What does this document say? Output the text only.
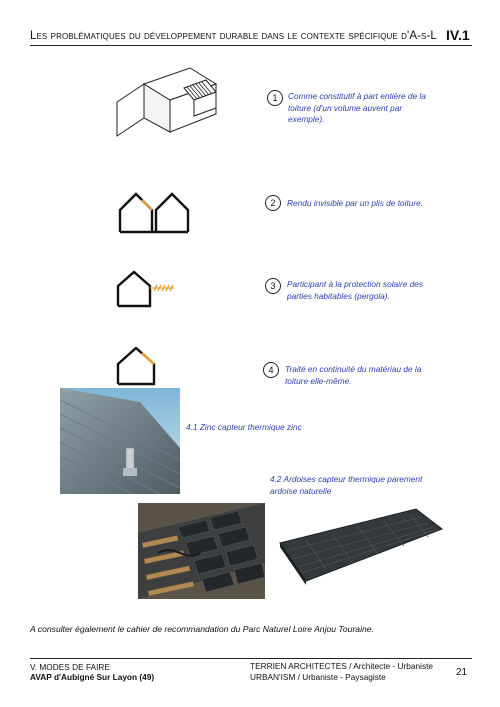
Les problématiques du développement durable dans le contexte spécifique d'A-s-L IV.1
1	Comme constitutif à part entière de la toiture (d'un volume auvent par exemple).
2	Rendu invisible par un plis de toiture.
3	Participant à la protection solaire des parties habitables (pergola).
4	Traité en continuité du matériau de la toiture elle-même.
4.1 Zinc capteur thermique zinc
4.2 Ardoises capteur thermique parement ardoise naturelle
A consulter également le cahier de recommandation du Parc Naturel Loire Anjou Touraine.
V. MODES DE FAIRE
AVAP d'Aubigné Sur Layon (49)
TERRIEN ARCHITECTES / Architecte - Urbaniste
URBAN'ISM / Urbaniste - Paysagiste	21
